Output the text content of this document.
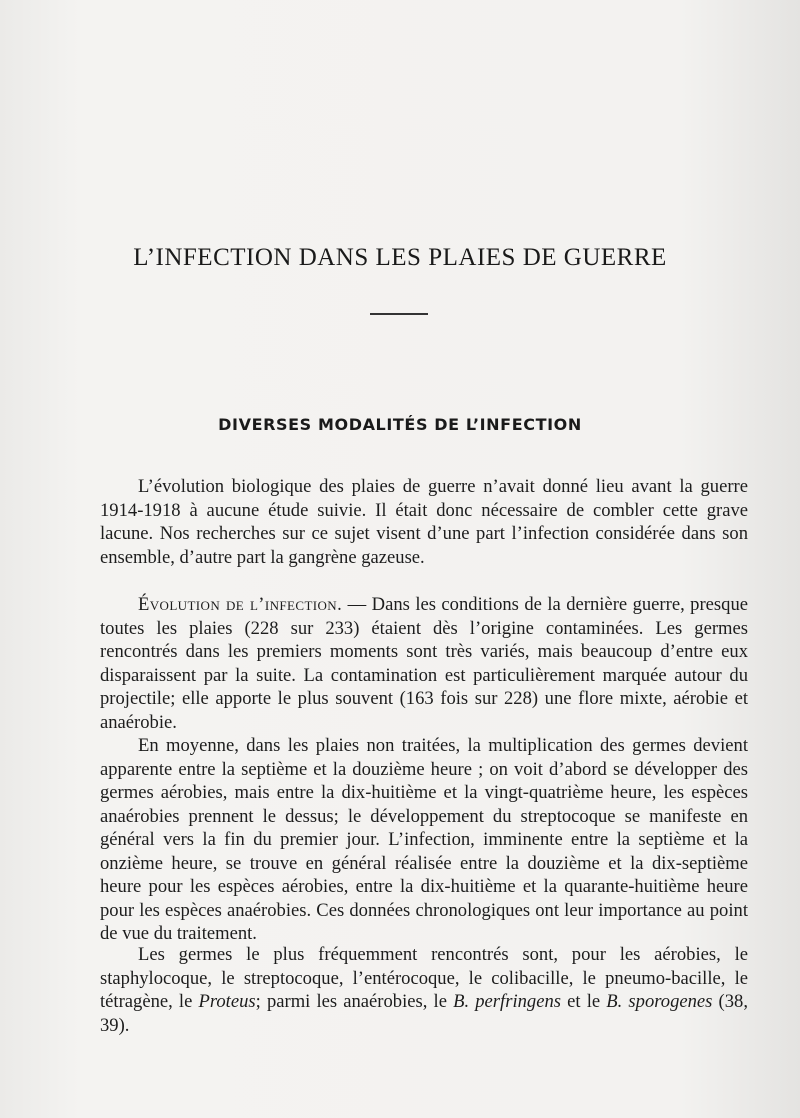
L’INFECTION DANS LES PLAIES DE GUERRE
DIVERSES MODALITÉS DE L’INFECTION

L’évolution biologique des plaies de guerre n’avait donné lieu avant la guerre 1914-1918 à aucune étude suivie. Il était donc nécessaire de combler cette grave lacune. Nos recherches sur ce sujet visent d’une part l’infection considérée dans son ensemble, d’autre part la gangrène gazeuse.

Évolution de l’infection. — Dans les conditions de la dernière guerre, presque toutes les plaies (228 sur 233) étaient dès l’origine contaminées. Les germes rencontrés dans les premiers moments sont très variés, mais beaucoup d’entre eux disparaissent par la suite. La contamination est particulièrement marquée autour du projectile; elle apporte le plus souvent (163 fois sur 228) une flore mixte, aérobie et anaérobie.

En moyenne, dans les plaies non traitées, la multiplication des germes devient apparente entre la septième et la douzième heure ; on voit d’abord se développer des germes aérobies, mais entre la dix-huitième et la vingt-quatrième heure, les espèces anaérobies prennent le dessus; le développement du streptocoque se manifeste en général vers la fin du premier jour. L’infection, imminente entre la septième et la onzième heure, se trouve en général réalisée entre la douzième et la dix-septième heure pour les espèces aérobies, entre la dix-huitième et la quarante-huitième heure pour les espèces anaérobies. Ces données chronologiques ont leur importance au point de vue du traitement.

Les germes le plus fréquemment rencontrés sont, pour les aérobies, le staphylocoque, le streptocoque, l’entérocoque, le colibacille, le pneumo-bacille, le tétragène, le Proteus; parmi les anaérobies, le B. perfringens et le B. sporogenes (38, 39).
